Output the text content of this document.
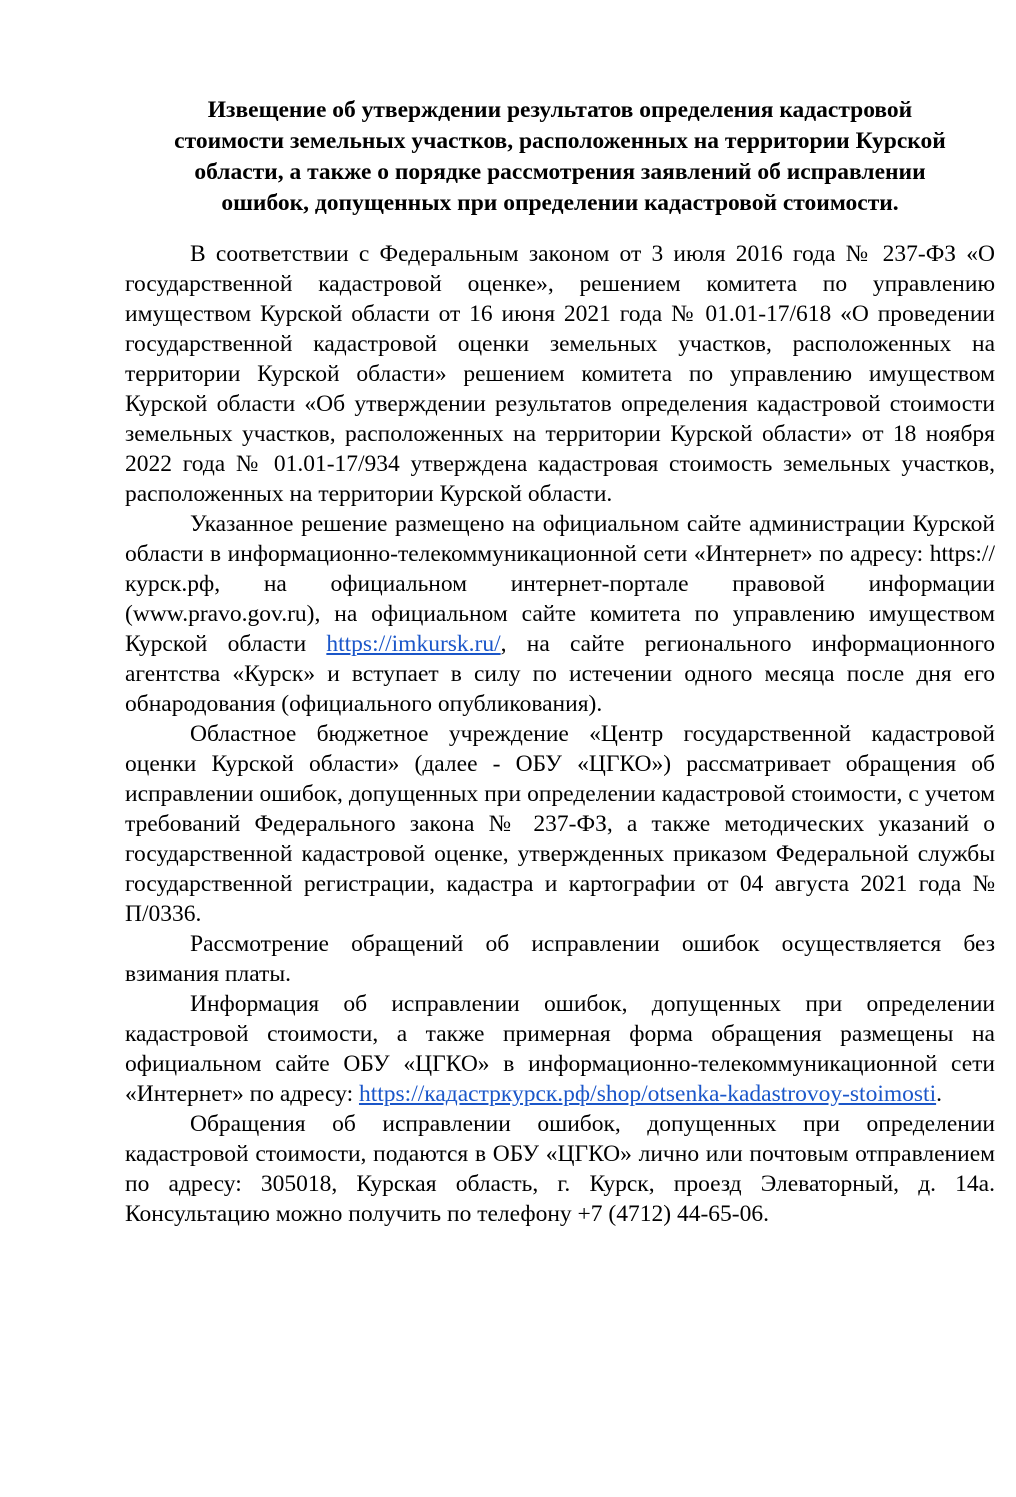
Извещение об утверждении результатов определения кадастровой
стоимости земельных участков, расположенных на территории Курской
области, а также о порядке рассмотрения заявлений об исправлении
ошибок, допущенных при определении кадастровой стоимости.

В соответствии с Федеральным законом от 3 июля 2016 года № 237-ФЗ «О государственной кадастровой оценке», решением комитета по управлению имуществом Курской области от 16 июня 2021 года № 01.01-17/618 «О проведении государственной кадастровой оценки земельных участков, расположенных на территории Курской области» решением комитета по управлению имуществом Курской области «Об утверждении результатов определения кадастровой стоимости земельных участков, расположенных на территории Курской области» от 18 ноября 2022 года № 01.01-17/934 утверждена кадастровая стоимость земельных участков, расположенных на территории Курской области.

Указанное решение размещено на официальном сайте администрации Курской области в информационно-телекоммуникационной сети «Интернет» по адресу: https://курск.рф, на официальном интернет-портале правовой информации (www.pravo.gov.ru), на официальном сайте комитета по управлению имуществом Курской области https://imkursk.ru/, на сайте регионального информационного агентства «Курск» и вступает в силу по истечении одного месяца после дня его обнародования (официального опубликования).

Областное бюджетное учреждение «Центр государственной кадастровой оценки Курской области» (далее - ОБУ «ЦГКО») рассматривает обращения об исправлении ошибок, допущенных при определении кадастровой стоимости, с учетом требований Федерального закона № 237-ФЗ, а также методических указаний о государственной кадастровой оценке, утвержденных приказом Федеральной службы государственной регистрации, кадастра и картографии от 04 августа 2021 года № П/0336.

Рассмотрение обращений об исправлении ошибок осуществляется без взимания платы.

Информация об исправлении ошибок, допущенных при определении кадастровой стоимости, а также примерная форма обращения размещены на официальном сайте ОБУ «ЦГКО» в информационно-телекоммуникационной сети «Интернет» по адресу: https://кадастркурск.рф/shop/otsenka-kadastrovoy-stoimosti.

Обращения об исправлении ошибок, допущенных при определении кадастровой стоимости, подаются в ОБУ «ЦГКО» лично или почтовым отправлением по адресу: 305018, Курская область, г. Курск, проезд Элеваторный, д. 14а. Консультацию можно получить по телефону +7 (4712) 44-65-06.
